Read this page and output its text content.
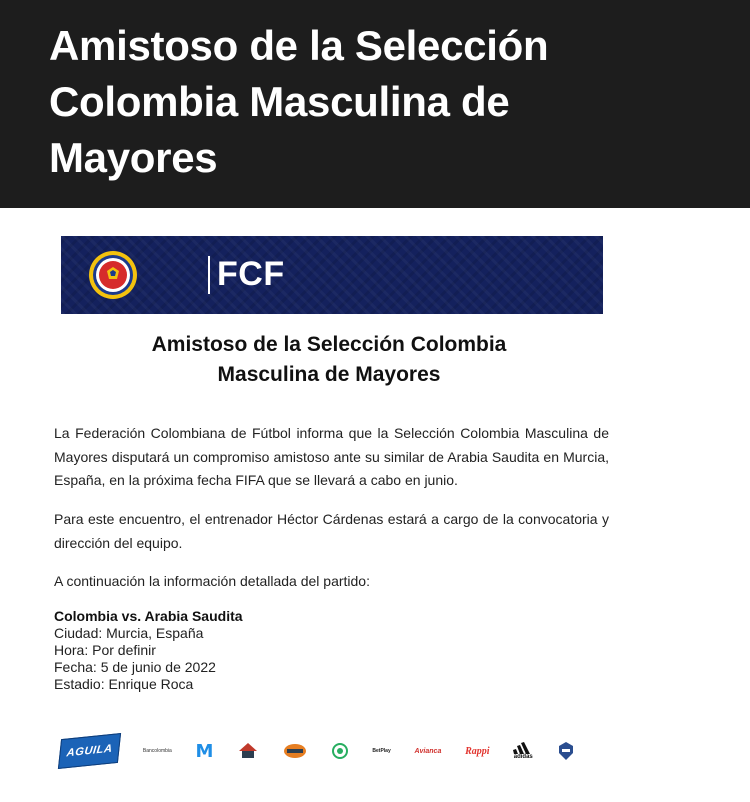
Amistoso de la Selección Colombia Masculina de Mayores
FCF
Amistoso de la Selección Colombia
Masculina de Mayores

La Federación Colombiana de Fútbol informa que la Selección Colombia Masculina de Mayores disputará un compromiso amistoso ante su similar de Arabia Saudita en Murcia, España, en la próxima fecha FIFA que se llevará a cabo en junio.

Para este encuentro, el entrenador Héctor Cárdenas estará a cargo de la convocatoria y dirección del equipo.

A continuación la información detallada del partido:

Colombia vs. Arabia Saudita
Ciudad: Murcia, España
Hora: Por definir
Fecha: 5 de junio de 2022
Estadio: Enrique Roca
AGUILA	Bancolombia M	BetPlay	Avianca Rappi
adidas
